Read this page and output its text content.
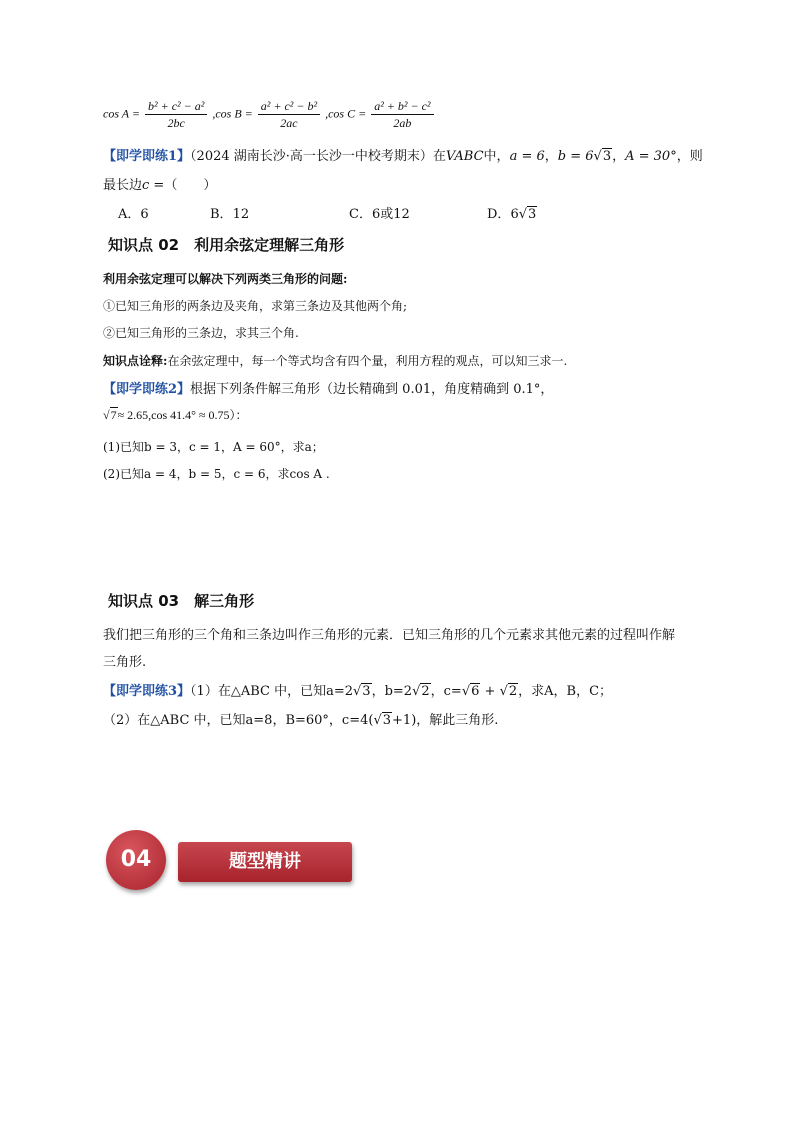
$\cos A = \frac{\text{b² + c² − a²}}{2bc} ,\cos$ $B = \frac{\text{a² + c² − b²}}{2ac} ,\cos$ $C = \frac{\text{a² + b² − c²}}{2ab}$
【即学即练1】（2024 湖南长沙·高一长沙一中校考期末）在VABC中，a = 6，b = 6√3，A = 30°，则
最长边c =（　　）
A．6	B．12	C．6或12	D．6√3
知识点 02　利用余弦定理解三角形
利用余弦定理可以解决下列两类三角形的问题:
①已知三角形的两条边及夹角，求第三条边及其他两个角;
②已知三角形的三条边，求其三个角.
知识点诠释:在余弦定理中，每一个等式均含有四个量，利用方程的观点，可以知三求一.
【即学即练2】根据下列条件解三角形（边长精确到 0.01，角度精确到 0.1°，
√7≈ 2.65,cos 41.4° ≈ 0.75）：
(1)已知b = 3，c = 1，A = 60°，求a；
(2)已知a = 4，b = 5，c = 6，求cos A .
知识点 03　解三角形
我们把三角形的三个角和三条边叫作三角形的元素．已知三角形的几个元素求其他元素的过程叫作解
三角形.
【即学即练3】（1）在△ABC 中，已知a=2√3，b=2√2，c=√6 + √2，求A，B，C；
（2）在△ABC 中，已知a=8，B=60°，c=4(√3+1)，解此三角形.
04	题型精讲
